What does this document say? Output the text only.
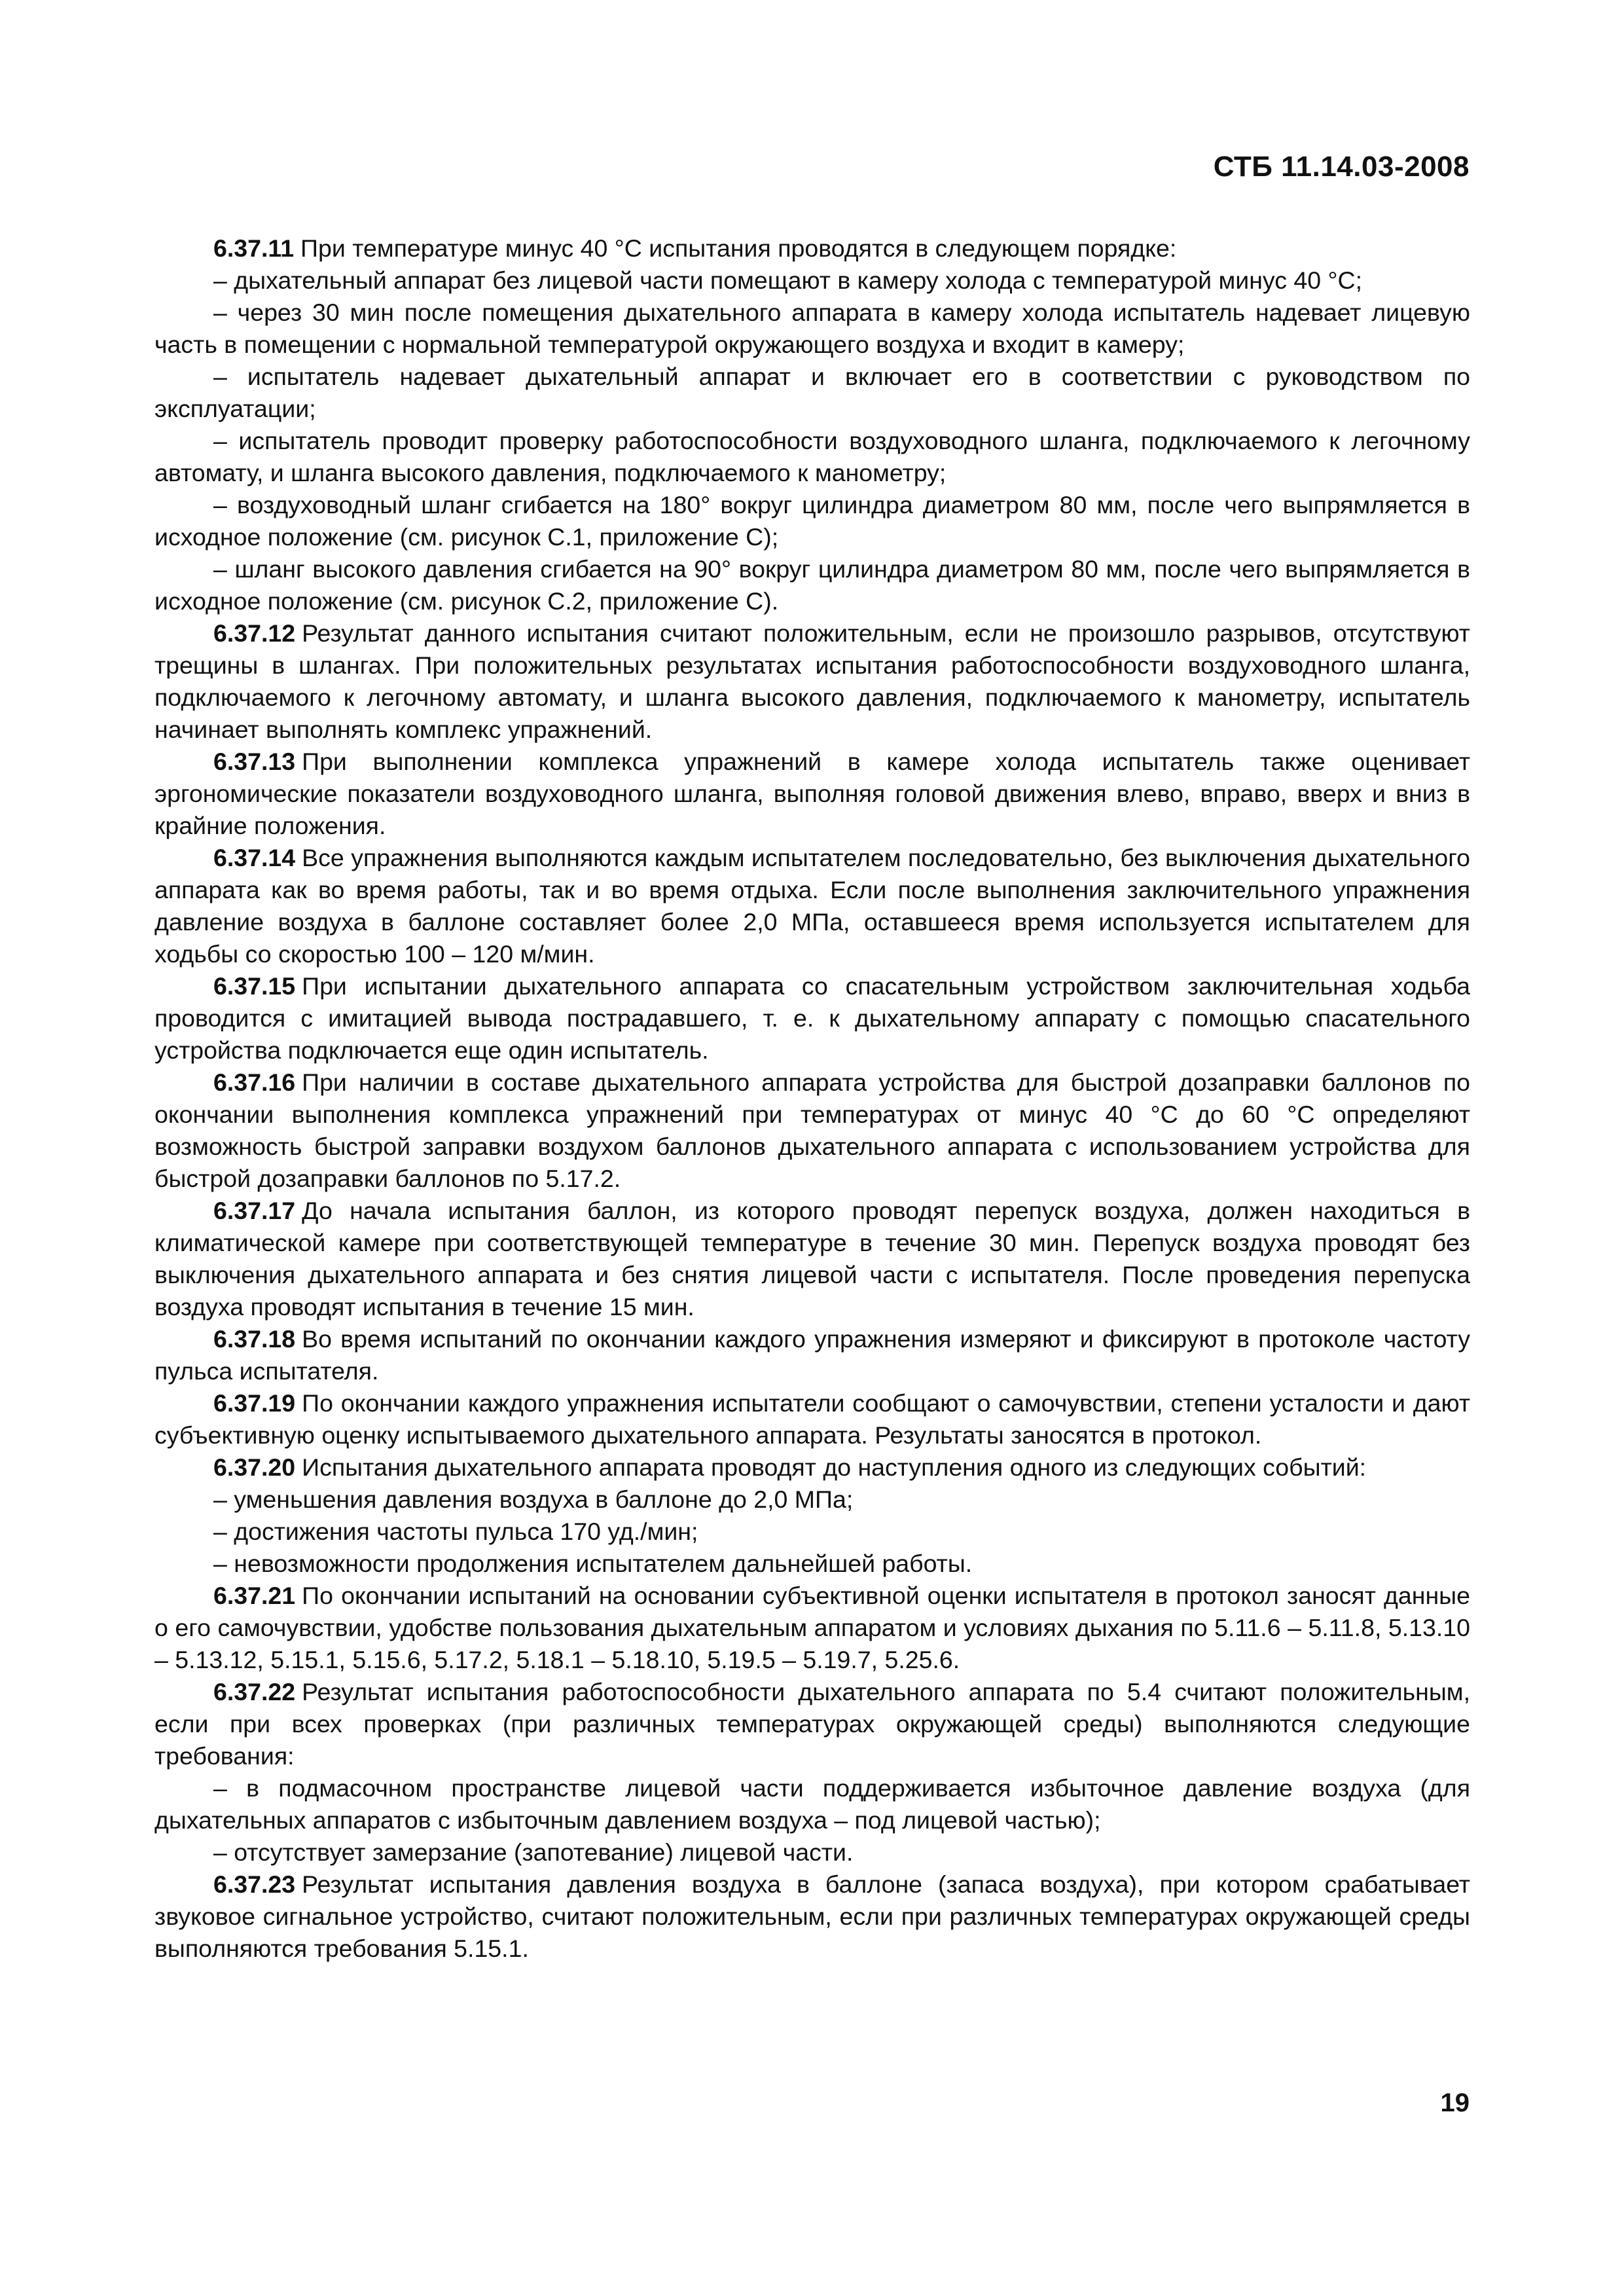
СТБ 11.14.03-2008

6.37.11 При температуре минус 40 °С испытания проводятся в следующем порядке:

– дыхательный аппарат без лицевой части помещают в камеру холода с температурой минус 40 °С;

– через 30 мин после помещения дыхательного аппарата в камеру холода испытатель надевает лицевую часть в помещении с нормальной температурой окружающего воздуха и входит в камеру;

– испытатель надевает дыхательный аппарат и включает его в соответствии с руководством по эксплуатации;

– испытатель проводит проверку работоспособности воздуховодного шланга, подключаемого к легочному автомату, и шланга высокого давления, подключаемого к манометру;

– воздуховодный шланг сгибается на 180° вокруг цилиндра диаметром 80 мм, после чего выпрямляется в исходное положение (см. рисунок С.1, приложение С);

– шланг высокого давления сгибается на 90° вокруг цилиндра диаметром 80 мм, после чего выпрямляется в исходное положение (см. рисунок С.2, приложение С).

6.37.12 Результат данного испытания считают положительным, если не произошло разрывов, отсутствуют трещины в шлангах. При положительных результатах испытания работоспособности воздуховодного шланга, подключаемого к легочному автомату, и шланга высокого давления, подключаемого к манометру, испытатель начинает выполнять комплекс упражнений.

6.37.13 При выполнении комплекса упражнений в камере холода испытатель также оценивает эргономические показатели воздуховодного шланга, выполняя головой движения влево, вправо, вверх и вниз в крайние положения.

6.37.14 Все упражнения выполняются каждым испытателем последовательно, без выключения дыхательного аппарата как во время работы, так и во время отдыха. Если после выполнения заключительного упражнения давление воздуха в баллоне составляет более 2,0 МПа, оставшееся время используется испытателем для ходьбы со скоростью 100 – 120 м/мин.

6.37.15 При испытании дыхательного аппарата со спасательным устройством заключительная ходьба проводится с имитацией вывода пострадавшего, т. е. к дыхательному аппарату с помощью спасательного устройства подключается еще один испытатель.

6.37.16 При наличии в составе дыхательного аппарата устройства для быстрой дозаправки баллонов по окончании выполнения комплекса упражнений при температурах от минус 40 °С до 60 °С определяют возможность быстрой заправки воздухом баллонов дыхательного аппарата с использованием устройства для быстрой дозаправки баллонов по 5.17.2.

6.37.17 До начала испытания баллон, из которого проводят перепуск воздуха, должен находиться в климатической камере при соответствующей температуре в течение 30 мин. Перепуск воздуха проводят без выключения дыхательного аппарата и без снятия лицевой части с испытателя. После проведения перепуска воздуха проводят испытания в течение 15 мин.

6.37.18 Во время испытаний по окончании каждого упражнения измеряют и фиксируют в протоколе частоту пульса испытателя.

6.37.19 По окончании каждого упражнения испытатели сообщают о самочувствии, степени усталости и дают субъективную оценку испытываемого дыхательного аппарата. Результаты заносятся в протокол.

6.37.20 Испытания дыхательного аппарата проводят до наступления одного из следующих событий:

– уменьшения давления воздуха в баллоне до 2,0 МПа;

– достижения частоты пульса 170 уд./мин;

– невозможности продолжения испытателем дальнейшей работы.

6.37.21 По окончании испытаний на основании субъективной оценки испытателя в протокол заносят данные о его самочувствии, удобстве пользования дыхательным аппаратом и условиях дыхания по 5.11.6 – 5.11.8, 5.13.10 – 5.13.12, 5.15.1, 5.15.6, 5.17.2, 5.18.1 – 5.18.10, 5.19.5 – 5.19.7, 5.25.6.

6.37.22 Результат испытания работоспособности дыхательного аппарата по 5.4 считают положительным, если при всех проверках (при различных температурах окружающей среды) выполняются следующие требования:

– в подмасочном пространстве лицевой части поддерживается избыточное давление воздуха (для дыхательных аппаратов с избыточным давлением воздуха – под лицевой частью);

– отсутствует замерзание (запотевание) лицевой части.

6.37.23 Результат испытания давления воздуха в баллоне (запаса воздуха), при котором срабатывает звуковое сигнальное устройство, считают положительным, если при различных температурах окружающей среды выполняются требования 5.15.1.

19
